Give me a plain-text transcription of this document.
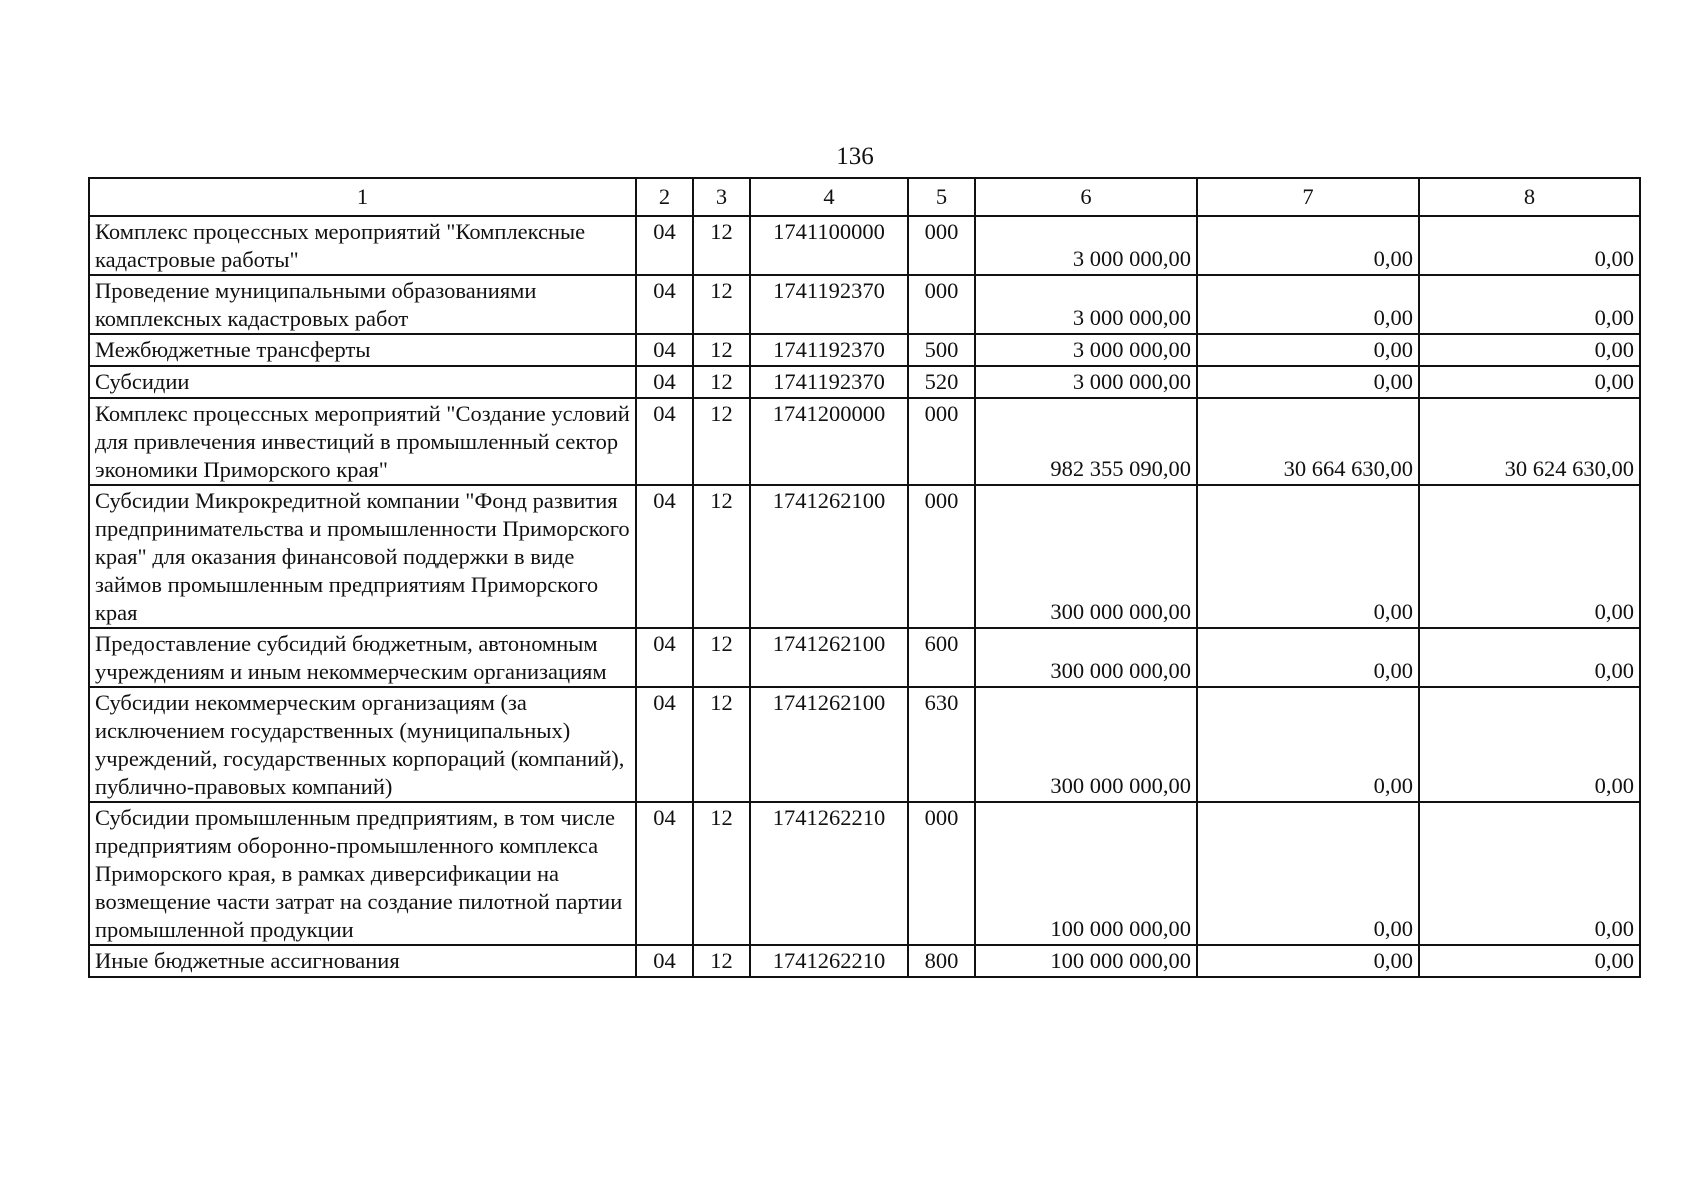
136
1	2	3	4	5	6	7	8
Комплекс процессных мероприятий "Комплексные кадастровые работы"	04	12	1741100000	000	3 000 000,00	0,00	0,00
Проведение муниципальными образованиями комплексных кадастровых работ	04	12	1741192370	000	3 000 000,00	0,00	0,00
Межбюджетные трансферты	04	12	1741192370	500	3 000 000,00	0,00	0,00
Субсидии	04	12	1741192370	520	3 000 000,00	0,00	0,00
Комплекс процессных мероприятий "Создание условий для привлечения инвестиций в промышленный сектор экономики Приморского края"	04	12	1741200000	000	982 355 090,00	30 664 630,00	30 624 630,00
Субсидии Микрокредитной компании "Фонд развития предпринимательства и промышленности Приморского края" для оказания финансовой поддержки в виде займов промышленным предприятиям Приморского края	04	12	1741262100	000	300 000 000,00	0,00	0,00
Предоставление субсидий бюджетным, автономным учреждениям и иным некоммерческим организациям	04	12	1741262100	600	300 000 000,00	0,00	0,00
Субсидии некоммерческим организациям (за исключением государственных (муниципальных) учреждений, государственных корпораций (компаний), публично-правовых компаний)	04	12	1741262100	630	300 000 000,00	0,00	0,00
Субсидии промышленным предприятиям, в том числе предприятиям оборонно-промышленного комплекса Приморского края, в рамках диверсификации на возмещение части затрат на создание пилотной партии промышленной продукции	04	12	1741262210	000	100 000 000,00	0,00	0,00
Иные бюджетные ассигнования	04	12	1741262210	800	100 000 000,00	0,00	0,00
